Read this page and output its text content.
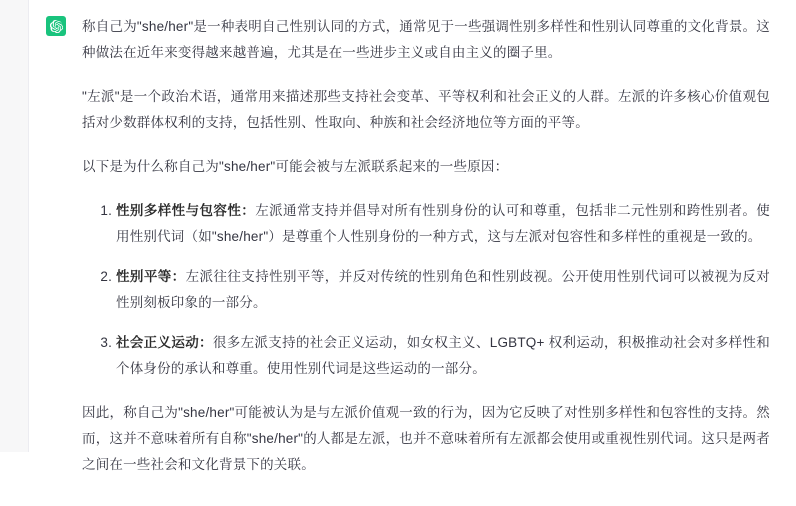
称自己为"she/her"是一种表明自己性别认同的方式，通常见于一些强调性别多样性和性别认同尊重的文化背景。这种做法在近年来变得越来越普遍，尤其是在一些进步主义或自由主义的圈子里。

"左派"是一个政治术语，通常用来描述那些支持社会变革、平等权利和社会正义的人群。左派的许多核心价值观包括对少数群体权利的支持，包括性别、性取向、种族和社会经济地位等方面的平等。

以下是为什么称自己为"she/her"可能会被与左派联系起来的一些原因：

1. 性别多样性与包容性：左派通常支持并倡导对所有性别身份的认可和尊重，包括非二元性别和跨性别者。使用性别代词（如"she/her"）是尊重个人性别身份的一种方式，这与左派对包容性和多样性的重视是一致的。
2. 性别平等：左派往往支持性别平等，并反对传统的性别角色和性别歧视。公开使用性别代词可以被视为反对性别刻板印象的一部分。
3. 社会正义运动：很多左派支持的社会正义运动，如女权主义、LGBTQ+ 权利运动，积极推动社会对多样性和个体身份的承认和尊重。使用性别代词是这些运动的一部分。

因此，称自己为"she/her"可能被认为是与左派价值观一致的行为，因为它反映了对性别多样性和包容性的支持。然而，这并不意味着所有自称"she/her"的人都是左派，也并不意味着所有左派都会使用或重视性别代词。这只是两者之间在一些社会和文化背景下的关联。
